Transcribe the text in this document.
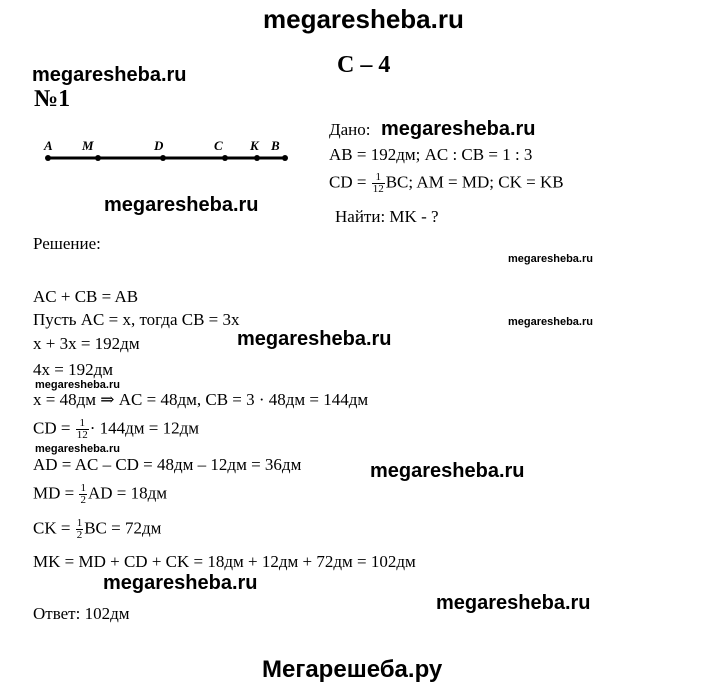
megaresheba.ru
megaresheba.ru	С – 4
№1
A M	D	C K B
megaresheba.ru
Дано: megaresheba.ru
AB = 192дм; AC : CB = 1 : 3
CD = $\frac{1}{12}$ BC; AM = MD; CK = KB
Найти: MK - ?
Решение:
megaresheba.ru
AC + CB = AB
Пусть AC = x, тогда CB = 3x	megaresheba.ru
x + 3x = 192дм	megaresheba.ru
4x = 192дм
megaresheba.ru
x = 48дм ⇒ AC = 48дм, CB = 3 · 48дм = 144дм
CD = $\frac{1}{12} \cdot 144дм = 12дм$
megaresheba.ru
AD = AC – CD = 48дм – 12дм = 36дм	megaresheba.ru
MD = $\frac{1}{2}$ AD = 18дм
CK = $\frac{1}{2}$ BC = 72дм
MK = MD + CD + CK = 18дм + 12дм + 72дм = 102дм
megaresheba.ru
megaresheba.ru
Ответ: 102дм
Мегарешеба.ру
